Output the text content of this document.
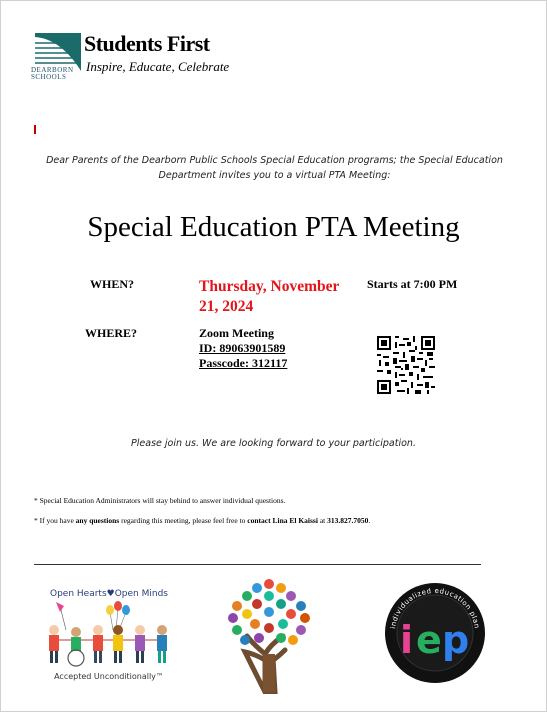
DEARBORN
SCHOOLS
Students First
Inspire, Educate, Celebrate
Dear Parents of the Dearborn Public Schools Special Education programs; the Special Education
Department invites you to a virtual PTA Meeting:
Special Education PTA Meeting
WHEN?	Thursday, November
21, 2024
Starts at 7:00 PM
WHERE?	Zoom Meeting
ID: 89063901589
Passcode: 312117
Please join us. We are looking forward to your participation.
* Special Education Administrators will stay behind to answer individual questions.
* If you have any questions regarding this meeting, please feel free to contact Lina El Kaissi at 313.827.7050.
Open Hearts♥Open Minds
Accepted Unconditionally™
individualized education plan
i e p
